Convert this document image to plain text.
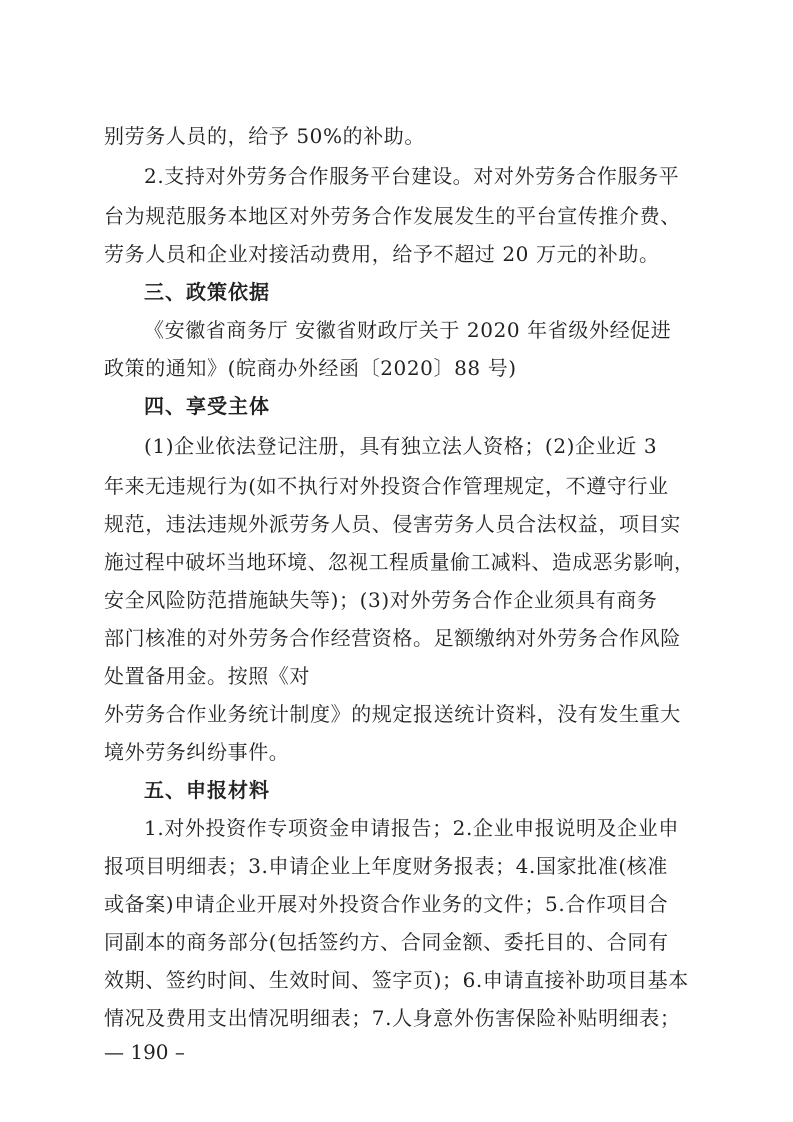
别劳务人员的，给予 50%的补助。
2.支持对外劳务合作服务平台建设。对对外劳务合作服务平
台为规范服务本地区对外劳务合作发展发生的平台宣传推介费、
劳务人员和企业对接活动费用，给予不超过 20 万元的补助。
三、政策依据
《安徽省商务厅 安徽省财政厅关于 2020 年省级外经促进
政策的通知》(皖商办外经函〔2020〕88 号)
四、享受主体
(1)企业依法登记注册，具有独立法人资格；(2)企业近 3
年来无违规行为(如不执行对外投资合作管理规定，不遵守行业
规范，违法违规外派劳务人员、侵害劳务人员合法权益，项目实
施过程中破坏当地环境、忽视工程质量偷工减料、造成恶劣影响，
安全风险防范措施缺失等)；(3)对外劳务合作企业须具有商务
部门核准的对外劳务合作经营资格。足额缴纳对外劳务合作风险
处置备用金。按照《对
外劳务合作业务统计制度》的规定报送统计资料，没有发生重大
境外劳务纠纷事件。
五、申报材料
1.对外投资作专项资金申请报告；2.企业申报说明及企业申
报项目明细表；3.申请企业上年度财务报表；4.国家批准(核准
或备案)申请企业开展对外投资合作业务的文件；5.合作项目合
同副本的商务部分(包括签约方、合同金额、委托目的、合同有
效期、签约时间、生效时间、签字页)；6.申请直接补助项目基本
情况及费用支出情况明细表；7.人身意外伤害保险补贴明细表；
— 190 –
